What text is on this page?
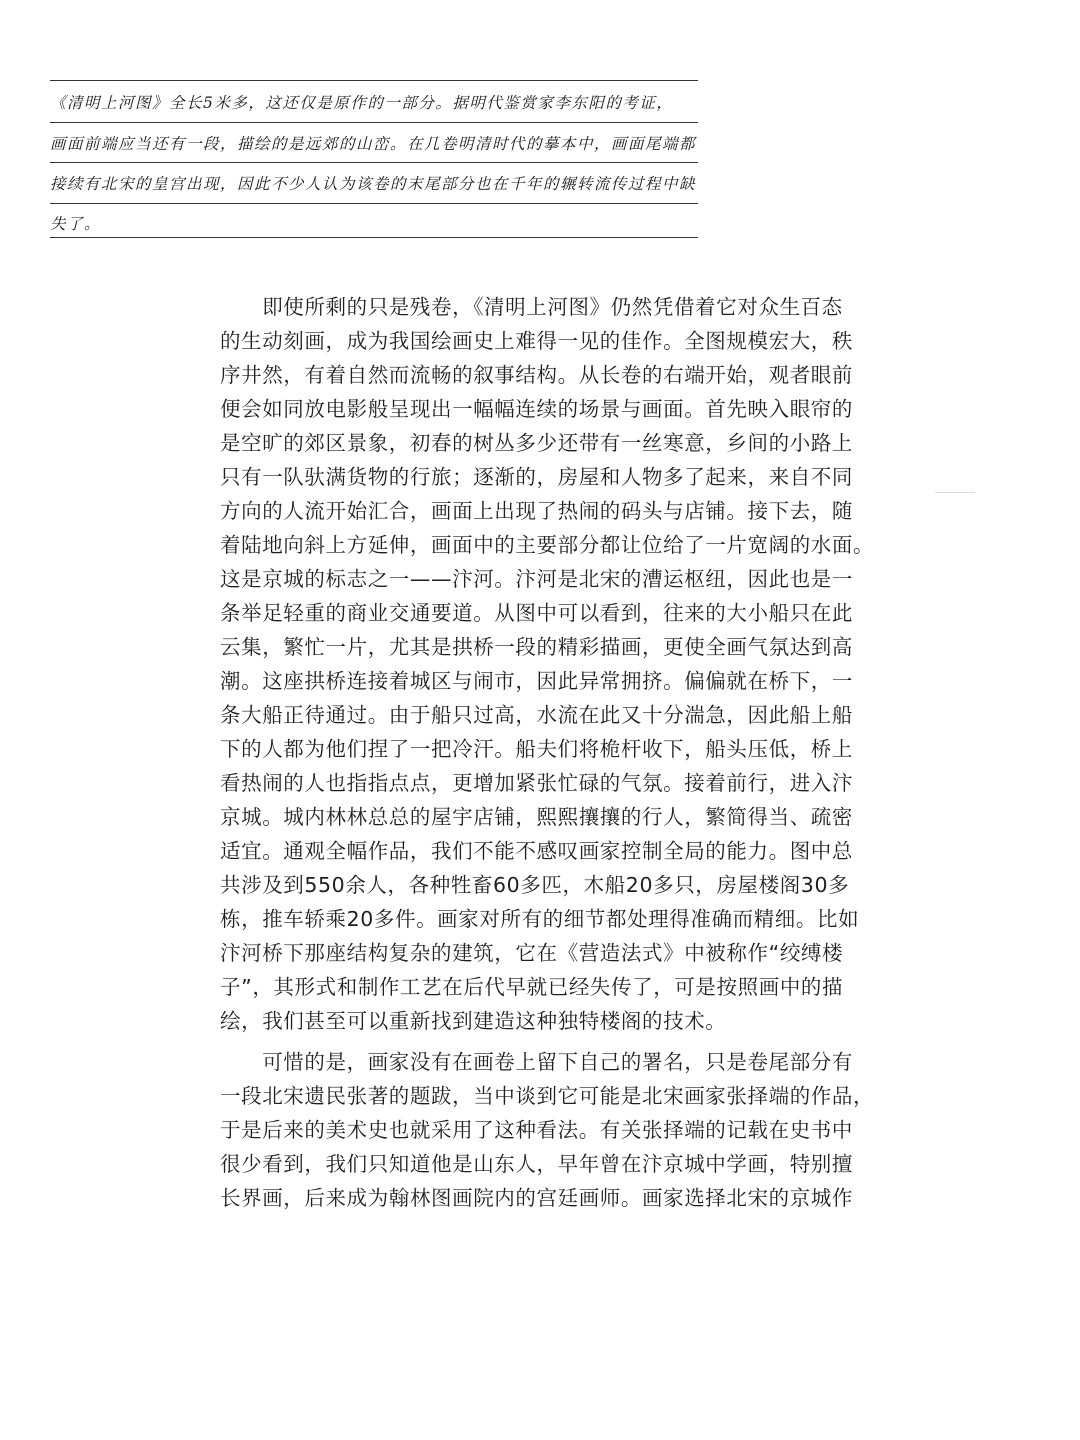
《清明上河图》全长5米多，这还仅是原作的一部分。据明代鉴赏家李东阳的考证，
画面前端应当还有一段，描绘的是远郊的山峦。在几卷明清时代的摹本中，画面尾端都
接续有北宋的皇宫出现，因此不少人认为该卷的末尾部分也在千年的辗转流传过程中缺
失了。
　　即使所剩的只是残卷，《清明上河图》仍然凭借着它对众生百态
的生动刻画，成为我国绘画史上难得一见的佳作。全图规模宏大，秩
序井然，有着自然而流畅的叙事结构。从长卷的右端开始，观者眼前
便会如同放电影般呈现出一幅幅连续的场景与画面。首先映入眼帘的
是空旷的郊区景象，初春的树丛多少还带有一丝寒意，乡间的小路上
只有一队驮满货物的行旅；逐渐的，房屋和人物多了起来，来自不同
方向的人流开始汇合，画面上出现了热闹的码头与店铺。接下去，随
着陆地向斜上方延伸，画面中的主要部分都让位给了一片宽阔的水面。
这是京城的标志之一——汴河。汴河是北宋的漕运枢纽，因此也是一
条举足轻重的商业交通要道。从图中可以看到，往来的大小船只在此
云集，繁忙一片，尤其是拱桥一段的精彩描画，更使全画气氛达到高
潮。这座拱桥连接着城区与闹市，因此异常拥挤。偏偏就在桥下，一
条大船正待通过。由于船只过高，水流在此又十分湍急，因此船上船
下的人都为他们捏了一把冷汗。船夫们将桅杆收下，船头压低，桥上
看热闹的人也指指点点，更增加紧张忙碌的气氛。接着前行，进入汴
京城。城内林林总总的屋宇店铺，熙熙攘攘的行人，繁简得当、疏密
适宜。通观全幅作品，我们不能不感叹画家控制全局的能力。图中总
共涉及到550余人，各种牲畜60多匹，木船20多只，房屋楼阁30多
栋，推车轿乘20多件。画家对所有的细节都处理得准确而精细。比如
汴河桥下那座结构复杂的建筑，它在《营造法式》中被称作“绞缚楼
子”，其形式和制作工艺在后代早就已经失传了，可是按照画中的描
绘，我们甚至可以重新找到建造这种独特楼阁的技术。
　　可惜的是，画家没有在画卷上留下自己的署名，只是卷尾部分有
一段北宋遗民张著的题跋，当中谈到它可能是北宋画家张择端的作品，
于是后来的美术史也就采用了这种看法。有关张择端的记载在史书中
很少看到，我们只知道他是山东人，早年曾在汴京城中学画，特别擅
长界画，后来成为翰林图画院内的宫廷画师。画家选择北宋的京城作
